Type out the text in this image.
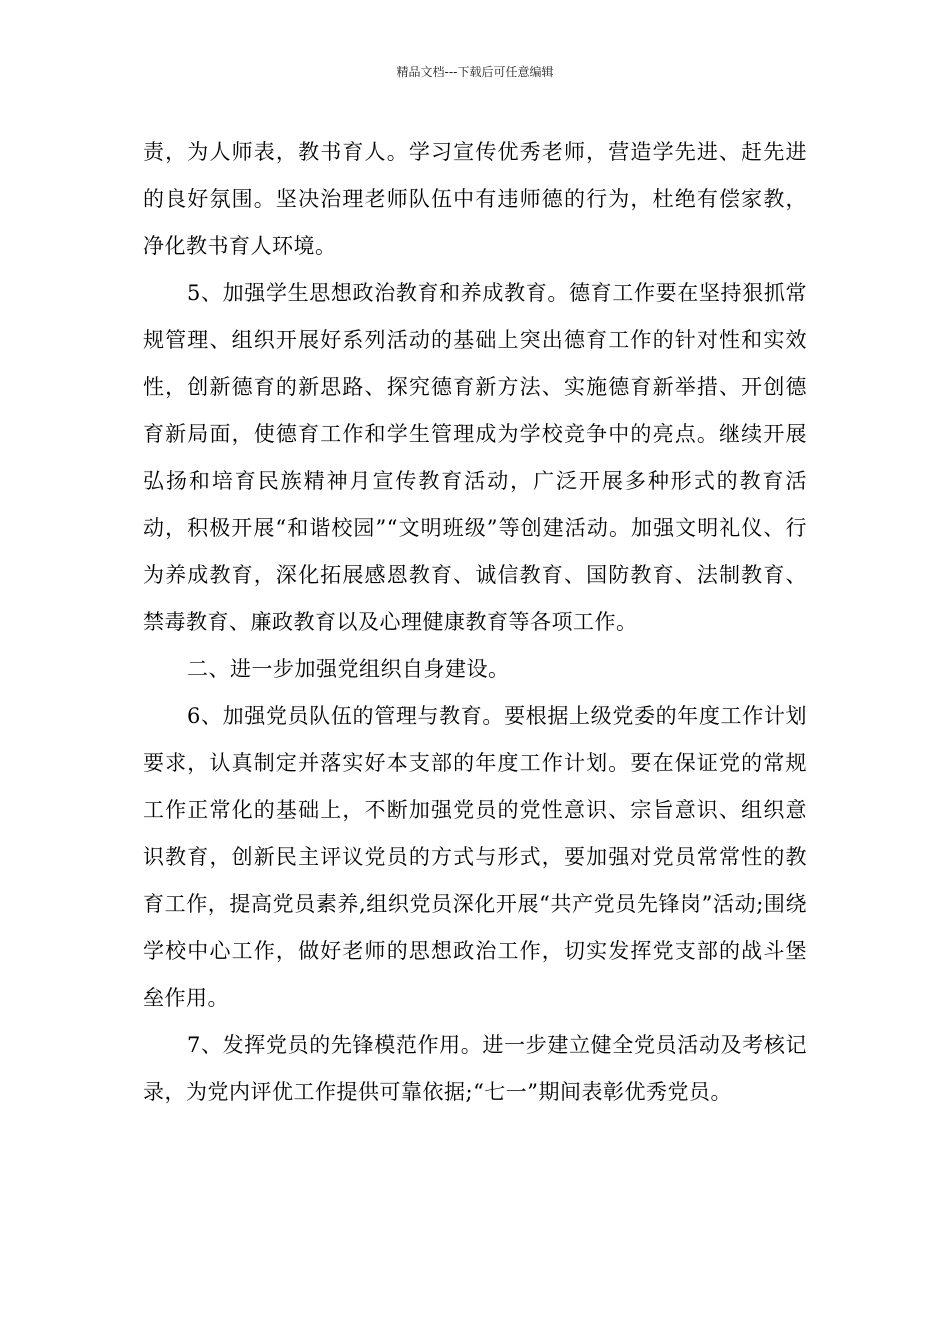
精品文档---下载后可任意编辑

责，为人师表，教书育人。学习宣传优秀老师，营造学先进、赶先进的良好氛围。坚决治理老师队伍中有违师德的行为，杜绝有偿家教，净化教书育人环境。

5、加强学生思想政治教育和养成教育。德育工作要在坚持狠抓常规管理、组织开展好系列活动的基础上突出德育工作的针对性和实效性，创新德育的新思路、探究德育新方法、实施德育新举措、开创德育新局面，使德育工作和学生管理成为学校竞争中的亮点。继续开展弘扬和培育民族精神月宣传教育活动，广泛开展多种形式的教育活动，积极开展“和谐校园”“文明班级”等创建活动。加强文明礼仪、行为养成教育，深化拓展感恩教育、诚信教育、国防教育、法制教育、禁毒教育、廉政教育以及心理健康教育等各项工作。

二、进一步加强党组织自身建设。

6、加强党员队伍的管理与教育。要根据上级党委的年度工作计划要求，认真制定并落实好本支部的年度工作计划。要在保证党的常规工作正常化的基础上，不断加强党员的党性意识、宗旨意识、组织意识教育，创新民主评议党员的方式与形式，要加强对党员常常性的教育工作，提高党员素养,组织党员深化开展“共产党员先锋岗”活动;围绕学校中心工作，做好老师的思想政治工作，切实发挥党支部的战斗堡垒作用。

7、发挥党员的先锋模范作用。进一步建立健全党员活动及考核记录，为党内评优工作提供可靠依据;“七一”期间表彰优秀党员。
